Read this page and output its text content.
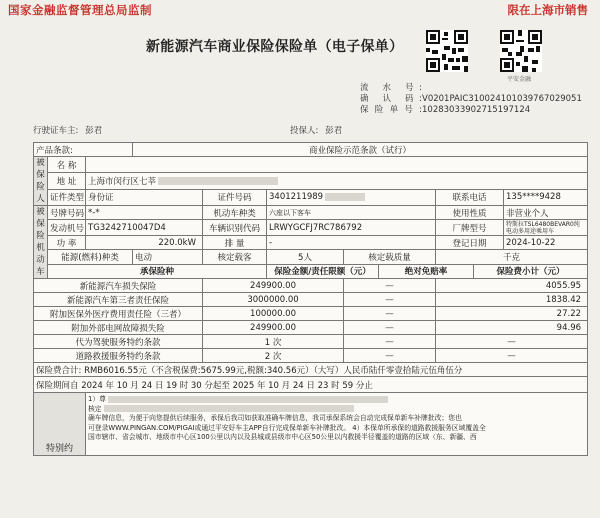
国家金融监督管理总局监制	限在上海市销售
新能源汽车商业保险保险单（电子保单）
平安金融
流 水 号:
确 认 码:V0201PAIC310024101039767029051
保险单号:10283033902715197124
行驶证车主: 彭君	投保人: 彭君
产品条款:			商业保险示范条款（试行）							
被保险人	名 称									
	地 址	上海市闵行区七莘								
	证件类型	身份证		证件号码	3401211989			联系电话		135****9428
被保险机动车	号牌号码	*-*		机动车种类	六座以下客车			使用性质		非营业个人
	发动机号	TG3242710047D4		车辆识别代码	LRWYGCFJ7RC786792			厂牌型号		特斯拉TSL6480BEVAR0纯电动多用途乘用车
	功 率	220.0kW		排 量	-			登记日期		2024-10-22
	能源(燃料)种类		电动	核定载客	5人	核定载质量		千克		
	承保险种				保险金额/责任限额（元）		绝对免赔率		保险费小计（元）	
新能源汽车损失保险				249900.00		—		4055.95		
新能源汽车第三者责任保险				3000000.00		—		1838.42		
附加医保外医疗费用责任险（三者）				100000.00		—		27.22		
附加外部电网故障损失险				249900.00		—		94.96		
代为驾驶服务特约条款				1 次		—		—		
道路救援服务特约条款				2 次		—		—		
保险费合计: RMB6016.55元（不含税保费:5675.99元,税额:340.56元）（大写）人民币陆仟零壹拾陆元伍角伍分										
保险期间自 2024 年 10 月 24 日 19 时 30 分起至 2025 年 10 月 24 日 23 时 59 分止										
特别约		1）尊
核定
确车牌信息，为便于向您提供后续服务，承保后我司如获取准确车牌信息，我司承保系统会自动完成保单新车补牌批改；您也
可登录WWW.PINGAN.COM/PIGAI或通过平安好车主APP自行完成保单新车补牌批改。 4）本保单所承保的道路救援服务区域覆盖全
国市辖市、省会城市、地级市中心区100公里以内以及县城或县级市中心区50公里以内救援半径覆盖的道路的区域（东、新疆、西								
